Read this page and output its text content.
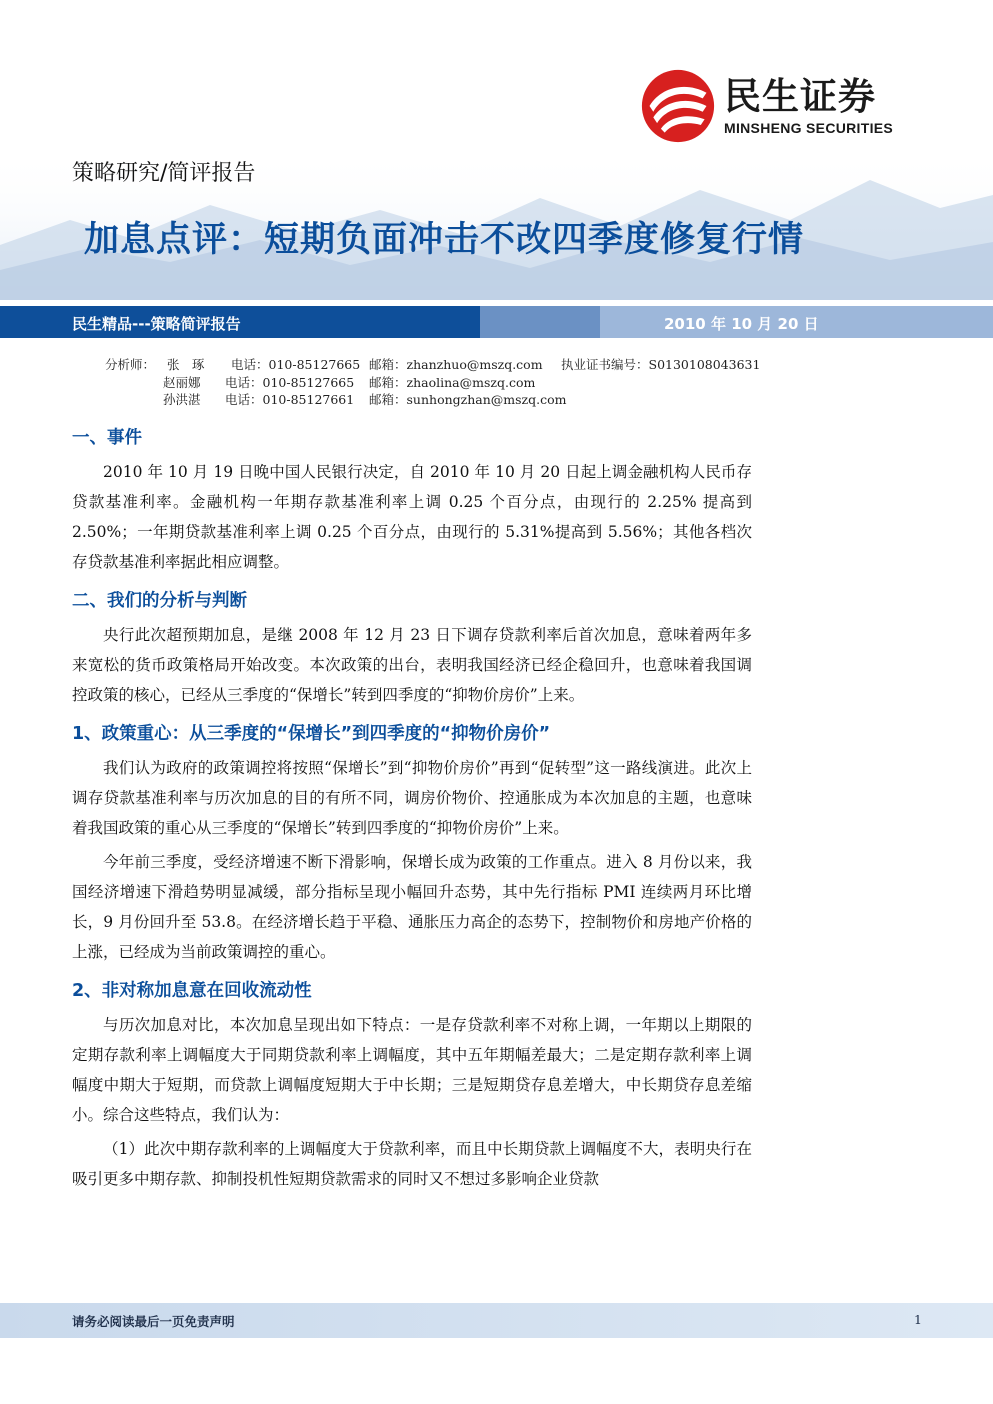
民生证券
MINSHENG SECURITIES
策略研究/简评报告
加息点评：短期负面冲击不改四季度修复行情
民生精品---策略简评报告	2010 年 10 月 20 日
分析师： 张　琢 电话：010-85127665 邮箱：zhanzhuo@mszq.com 执业证书编号：S0130108043631
赵丽娜 电话：010-85127665 邮箱：zhaolina@mszq.com
孙洪湛 电话：010-85127661 邮箱：sunhongzhan@mszq.com
一、事件

2010 年 10 月 19 日晚中国人民银行决定，自 2010 年 10 月 20 日起上调金融机构人民币存贷款基准利率。金融机构一年期存款基准利率上调 0.25 个百分点，由现行的 2.25% 提高到 2.50%；一年期贷款基准利率上调 0.25 个百分点，由现行的 5.31%提高到 5.56%；其他各档次存贷款基准利率据此相应调整。

二、我们的分析与判断

央行此次超预期加息，是继 2008 年 12 月 23 日下调存贷款利率后首次加息，意味着两年多来宽松的货币政策格局开始改变。本次政策的出台，表明我国经济已经企稳回升，也意味着我国调控政策的核心，已经从三季度的“保增长”转到四季度的“抑物价房价”上来。

1、政策重心：从三季度的“保增长”到四季度的“抑物价房价”

我们认为政府的政策调控将按照“保增长”到“抑物价房价”再到“促转型”这一路线演进。此次上调存贷款基准利率与历次加息的目的有所不同，调房价物价、控通胀成为本次加息的主题，也意味着我国政策的重心从三季度的“保增长”转到四季度的“抑物价房价”上来。

今年前三季度，受经济增速不断下滑影响，保增长成为政策的工作重点。进入 8 月份以来，我国经济增速下滑趋势明显减缓，部分指标呈现小幅回升态势，其中先行指标 PMI 连续两月环比增长，9 月份回升至 53.8。在经济增长趋于平稳、通胀压力高企的态势下，控制物价和房地产价格的上涨，已经成为当前政策调控的重心。

2、非对称加息意在回收流动性

与历次加息对比，本次加息呈现出如下特点：一是存贷款利率不对称上调，一年期以上期限的定期存款利率上调幅度大于同期贷款利率上调幅度，其中五年期幅差最大；二是定期存款利率上调幅度中期大于短期，而贷款上调幅度短期大于中长期；三是短期贷存息差增大，中长期贷存息差缩小。综合这些特点，我们认为：

（1）此次中期存款利率的上调幅度大于贷款利率，而且中长期贷款上调幅度不大，表明央行在吸引更多中期存款、抑制投机性短期贷款需求的同时又不想过多影响企业贷款

请务必阅读最后一页免责声明	1
